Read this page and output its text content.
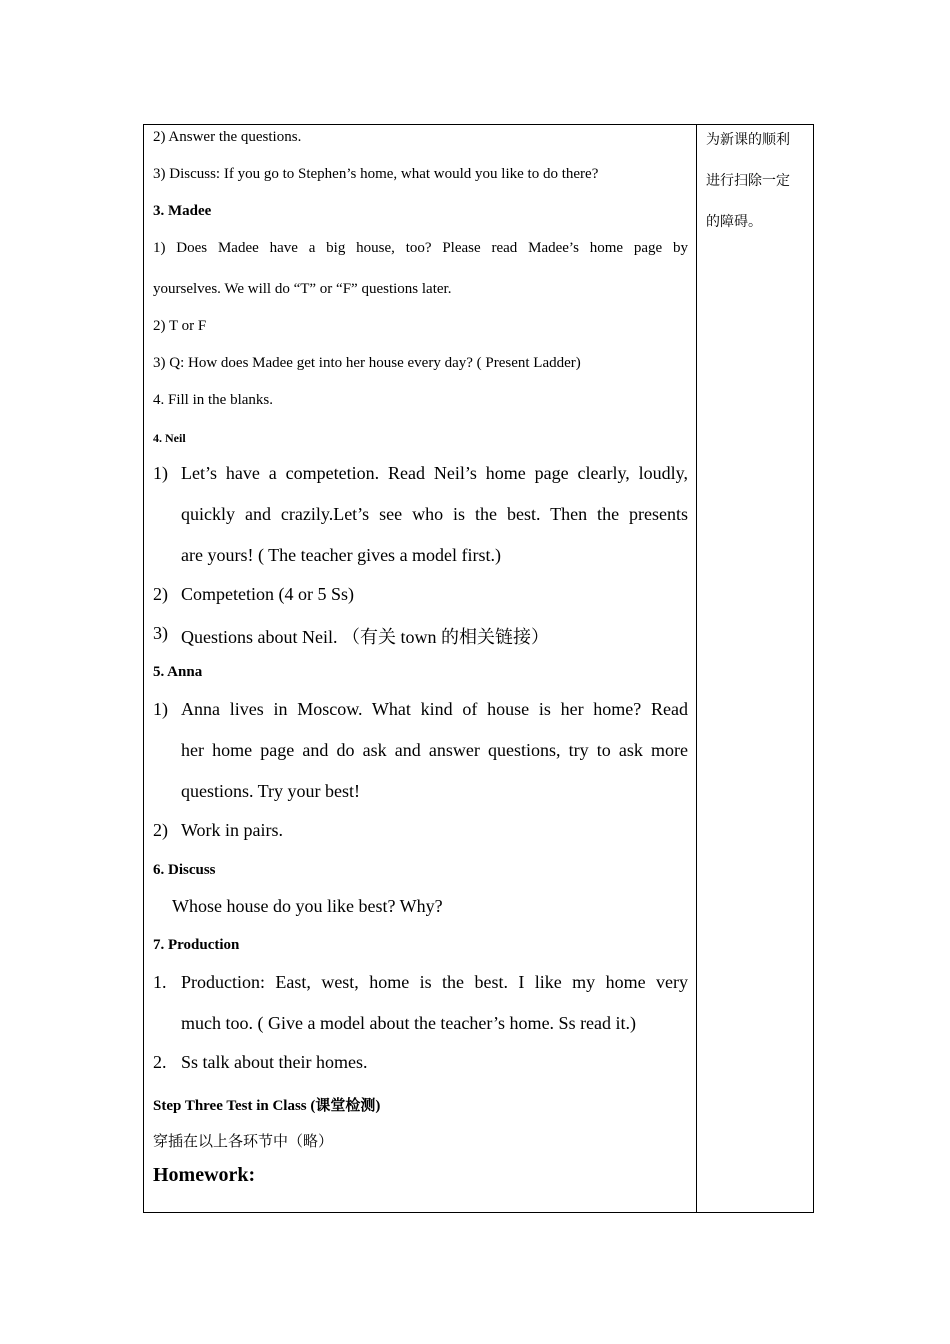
2) Answer the questions.
3) Discuss: If you go to Stephen’s home, what would you like to do there?
3. Madee
1) Does Madee have a big house, too? Please read Madee’s home page by
yourselves. We will do “T” or “F” questions later.
2) T or F
3) Q: How does Madee get into her house every day? ( Present Ladder)
4. Fill in the blanks.
4. Neil
1) Let’s have a competetion. Read Neil’s home page clearly, loudly,
quickly and crazily.Let’s see who is the best. Then the presents
are yours! ( The teacher gives a model first.)
2) Competetion (4 or 5 Ss)
3) Questions about Neil. （有关 town 的相关链接）
5. Anna
1) Anna lives in Moscow. What kind of house is her home? Read
her home page and do ask and answer questions, try to ask more
questions. Try your best!
2) Work in pairs.
6. Discuss
Whose house do you like best? Why?
7. Production
1. Production: East, west, home is the best. I like my home very
much too. ( Give a model about the teacher’s home. Ss read it.)
2. Ss talk about their homes.
Step Three Test in Class (课堂检测)
穿插在以上各环节中（略）
Homework:
为新课的顺利
进行扫除一定
的障碍。
